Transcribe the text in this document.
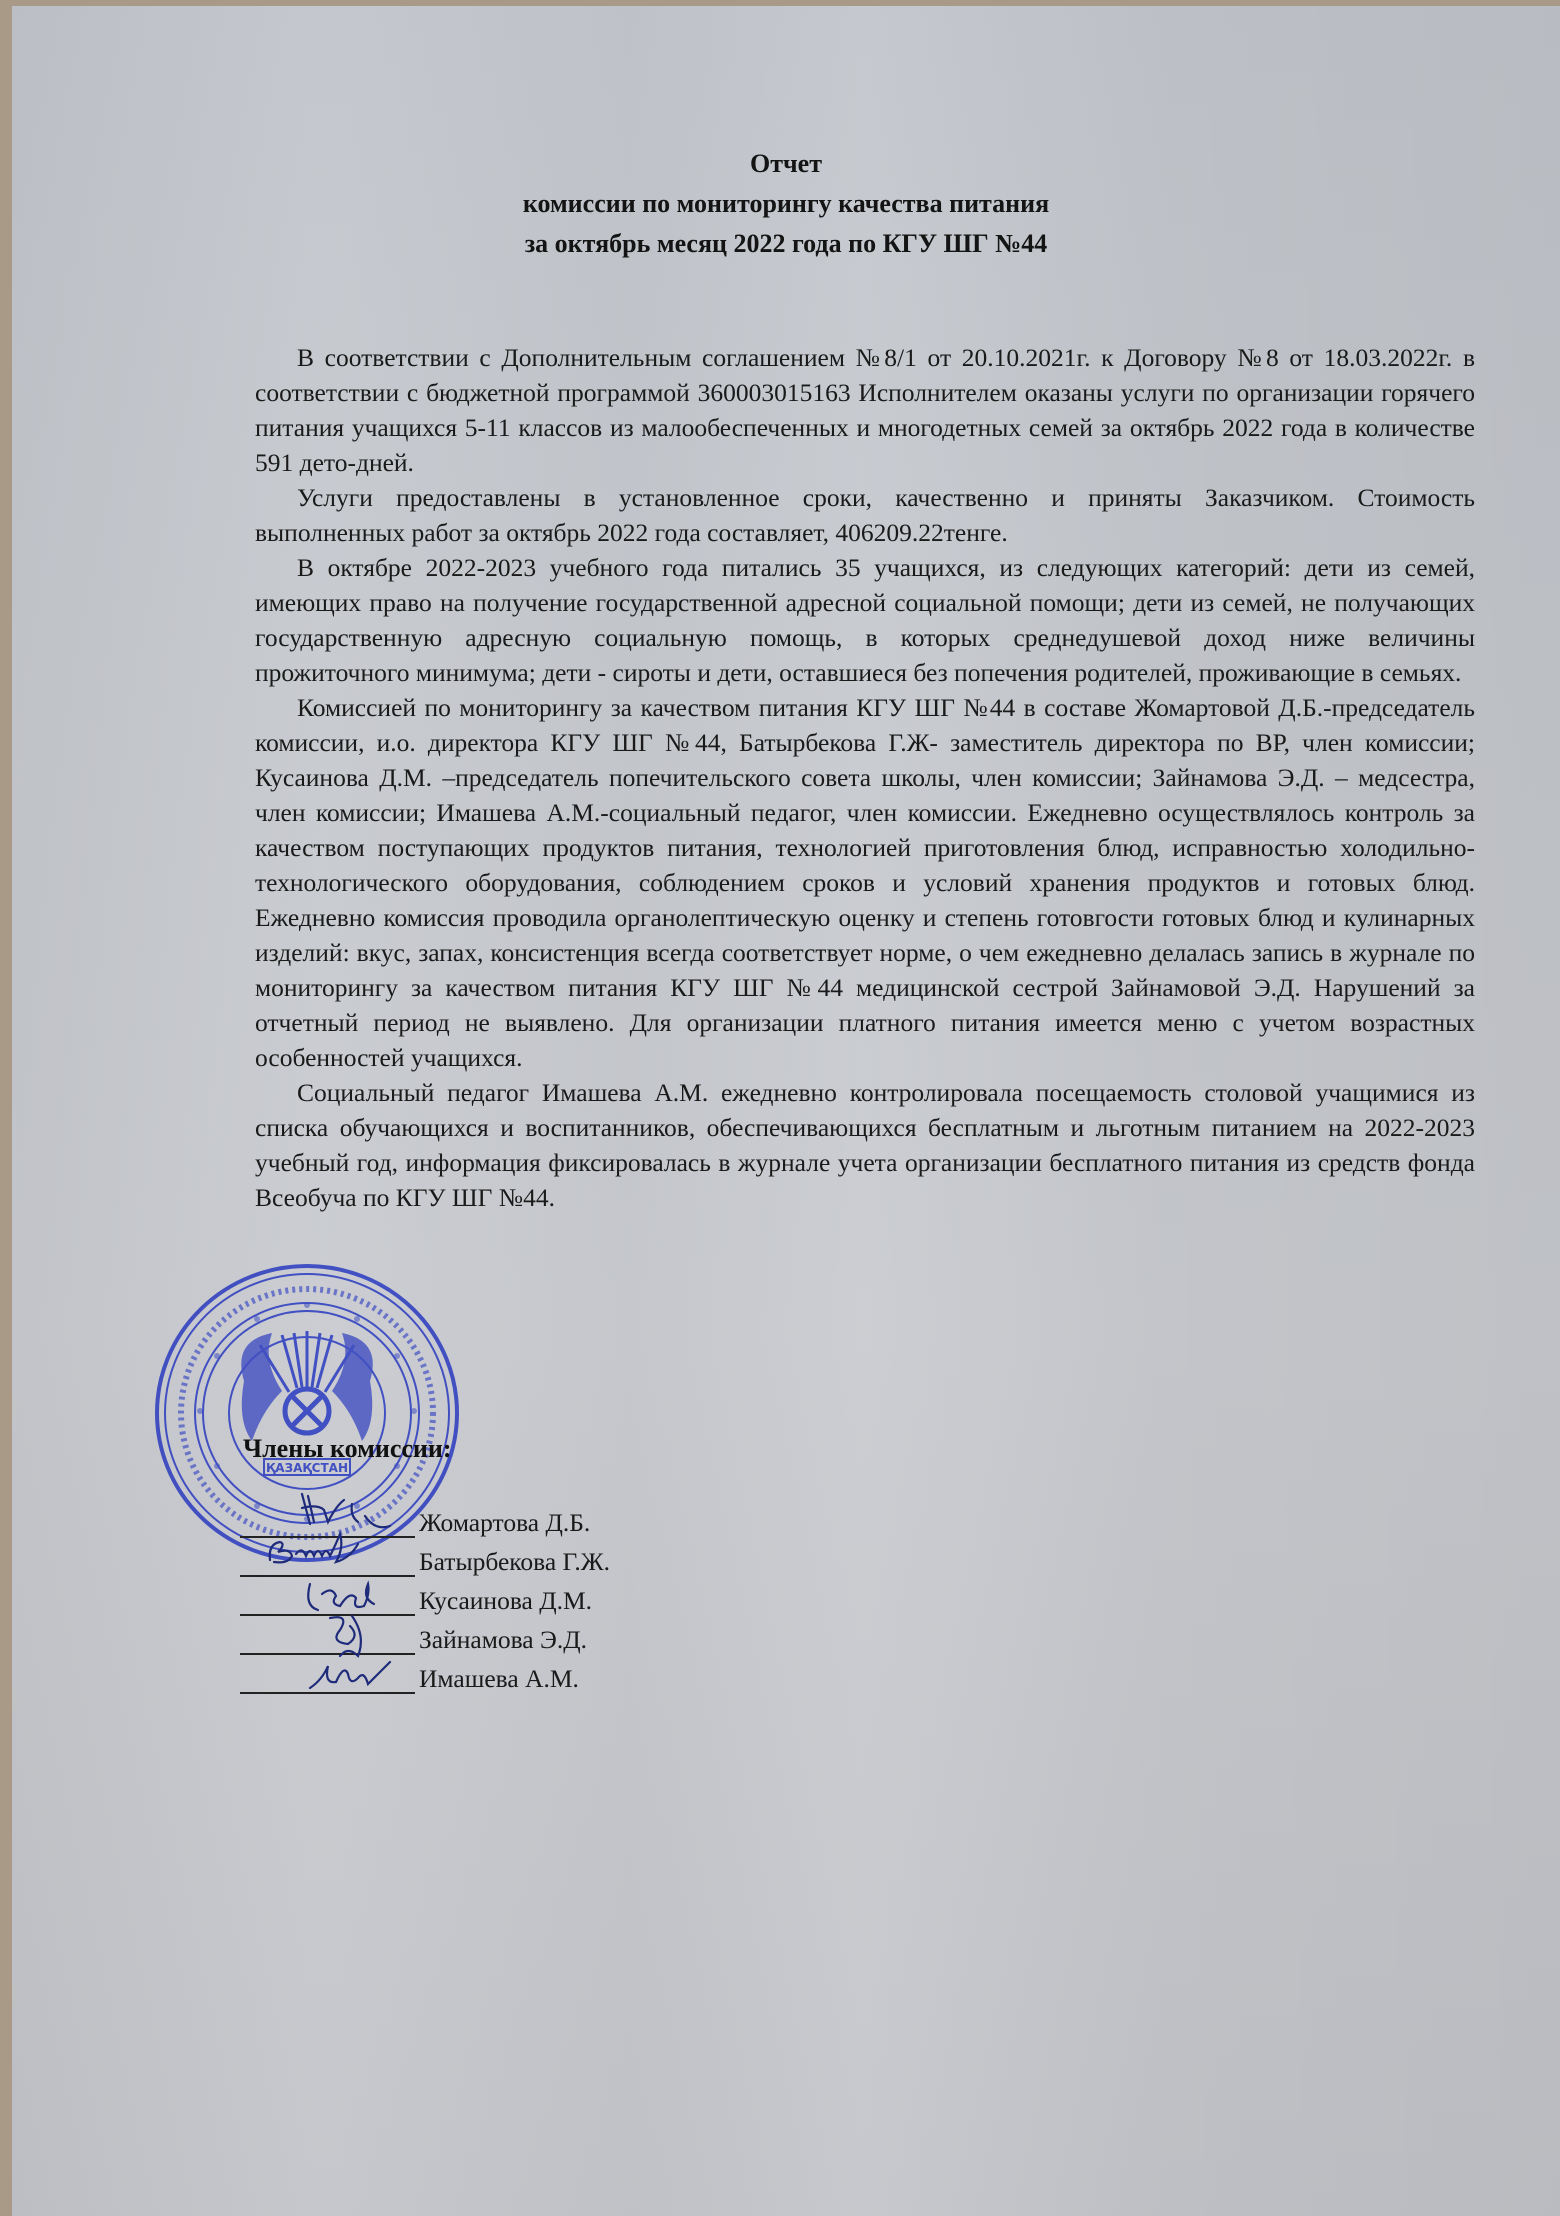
Отчет
комиссии по мониторингу качества питания
за октябрь месяц 2022 года по КГУ ШГ №44

В соответствии с Дополнительным соглашением №8/1 от 20.10.2021г. к Договору №8 от 18.03.2022г. в соответствии с бюджетной программой 360003015163 Исполнителем оказаны услуги по организации горячего питания учащихся 5-11 классов из малообеспеченных и многодетных семей за октябрь 2022 года в количестве 591 дето-дней.

Услуги предоставлены в установленное сроки, качественно и приняты Заказчиком. Стоимость выполненных работ за октябрь 2022 года составляет, 406209.22тенге.

В октябре 2022-2023 учебного года питались 35 учащихся, из следующих категорий: дети из семей, имеющих право на получение государственной адресной социальной помощи; дети из семей, не получающих государственную адресную социальную помощь, в которых среднедушевой доход ниже величины прожиточного минимума; дети - сироты и дети, оставшиеся без попечения родителей, проживающие в семьях.

Комиссией по мониторингу за качеством питания КГУ ШГ №44 в составе Жомартовой Д.Б.-председатель комиссии, и.о. директора КГУ ШГ №44, Батырбекова Г.Ж- заместитель директора по ВР, член комиссии; Кусаинова Д.М. –председатель попечительского совета школы, член комиссии; Зайнамова Э.Д. – медсестра, член комиссии; Имашева А.М.-социальный педагог, член комиссии. Ежедневно осуществлялось контроль за качеством поступающих продуктов питания, технологией приготовления блюд, исправностью холодильно-технологического оборудования, соблюдением сроков и условий хранения продуктов и готовых блюд. Ежедневно комиссия проводила органолептическую оценку и степень готовгости готовых блюд и кулинарных изделий: вкус, запах, консистенция всегда соответствует норме, о чем ежедневно делалась запись в журнале по мониторингу за качеством питания КГУ ШГ №44 медицинской сестрой Зайнамовой Э.Д. Нарушений за отчетный период не выявлено. Для организации платного питания имеется меню с учетом возрастных особенностей учащихся.

Социальный педагог Имашева А.М. ежедневно контролировала посещаемость столовой учащимися из списка обучающихся и воспитанников, обеспечивающихся бесплатным и льготным питанием на 2022-2023 учебный год, информация фиксировалась в журнале учета организации бесплатного питания из средств фонда Всеобуча по КГУ ШГ №44.

ҚАЗАҚСТАН
Члены комиссии:
Жомартова Д.Б.
Батырбекова Г.Ж.
Кусаинова Д.М.
Зайнамова Э.Д.
Имашева А.М.
